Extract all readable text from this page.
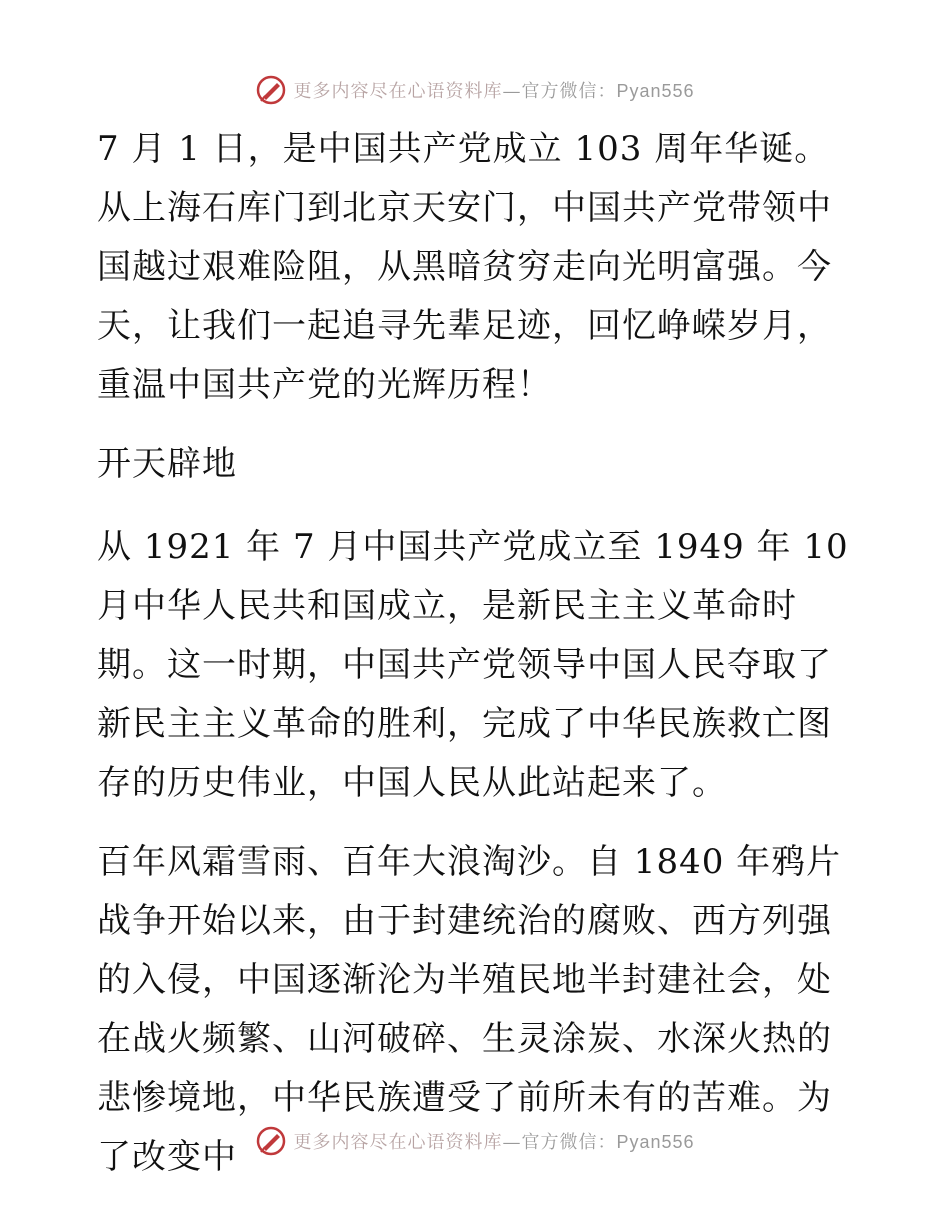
更多内容尽在心语资料库—官方微信：Pyan556

7 月 1 日，是中国共产党成立 103 周年华诞。从上海石库门到北京天安门，中国共产党带领中国越过艰难险阻，从黑暗贫穷走向光明富强。今天，让我们一起追寻先辈足迹，回忆峥嵘岁月，重温中国共产党的光辉历程！

开天辟地

从 1921 年 7 月中国共产党成立至 1949 年 10 月中华人民共和国成立，是新民主主义革命时期。这一时期，中国共产党领导中国人民夺取了新民主主义革命的胜利，完成了中华民族救亡图存的历史伟业，中国人民从此站起来了。

百年风霜雪雨、百年大浪淘沙。自 1840 年鸦片战争开始以来，由于封建统治的腐败、西方列强的入侵，中国逐渐沦为半殖民地半封建社会，处在战火频繁、山河破碎、生灵涂炭、水深火热的悲惨境地，中华民族遭受了前所未有的苦难。为了改变中	更多内容尽在心语资料库—官方微信：Pyan556
